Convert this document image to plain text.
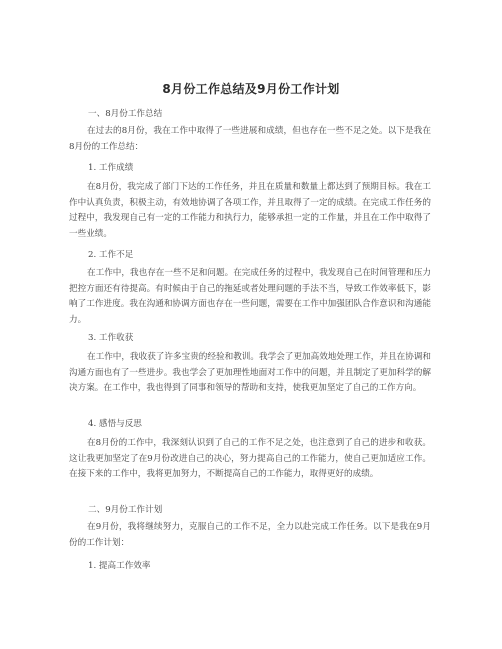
8月份工作总结及9月份工作计划
一、8月份工作总结

在过去的8月份，我在工作中取得了一些进展和成绩，但也存在一些不足之处。以下是我在8月份的工作总结：

1. 工作成绩

在8月份，我完成了部门下达的工作任务，并且在质量和数量上都达到了预期目标。我在工作中认真负责，积极主动，有效地协调了各项工作，并且取得了一定的成绩。在完成工作任务的过程中，我发现自己有一定的工作能力和执行力，能够承担一定的工作量，并且在工作中取得了一些业绩。

2. 工作不足

在工作中，我也存在一些不足和问题。在完成任务的过程中，我发现自己在时间管理和压力把控方面还有待提高。有时候由于自己的拖延或者处理问题的手法不当，导致工作效率低下，影响了工作进度。我在沟通和协调方面也存在一些问题，需要在工作中加强团队合作意识和沟通能力。

3. 工作收获

在工作中，我收获了许多宝贵的经验和教训。我学会了更加高效地处理工作，并且在协调和沟通方面也有了一些进步。我也学会了更加理性地面对工作中的问题，并且制定了更加科学的解决方案。在工作中，我也得到了同事和领导的帮助和支持，使我更加坚定了自己的工作方向。

4. 感悟与反思

在8月份的工作中，我深刻认识到了自己的工作不足之处，也注意到了自己的进步和收获。这让我更加坚定了在9月份改进自己的决心，努力提高自己的工作能力，使自己更加适应工作。在接下来的工作中，我将更加努力，不断提高自己的工作能力，取得更好的成绩。

二、9月份工作计划

在9月份，我将继续努力，克服自己的工作不足，全力以赴完成工作任务。以下是我在9月份的工作计划：

1. 提高工作效率
